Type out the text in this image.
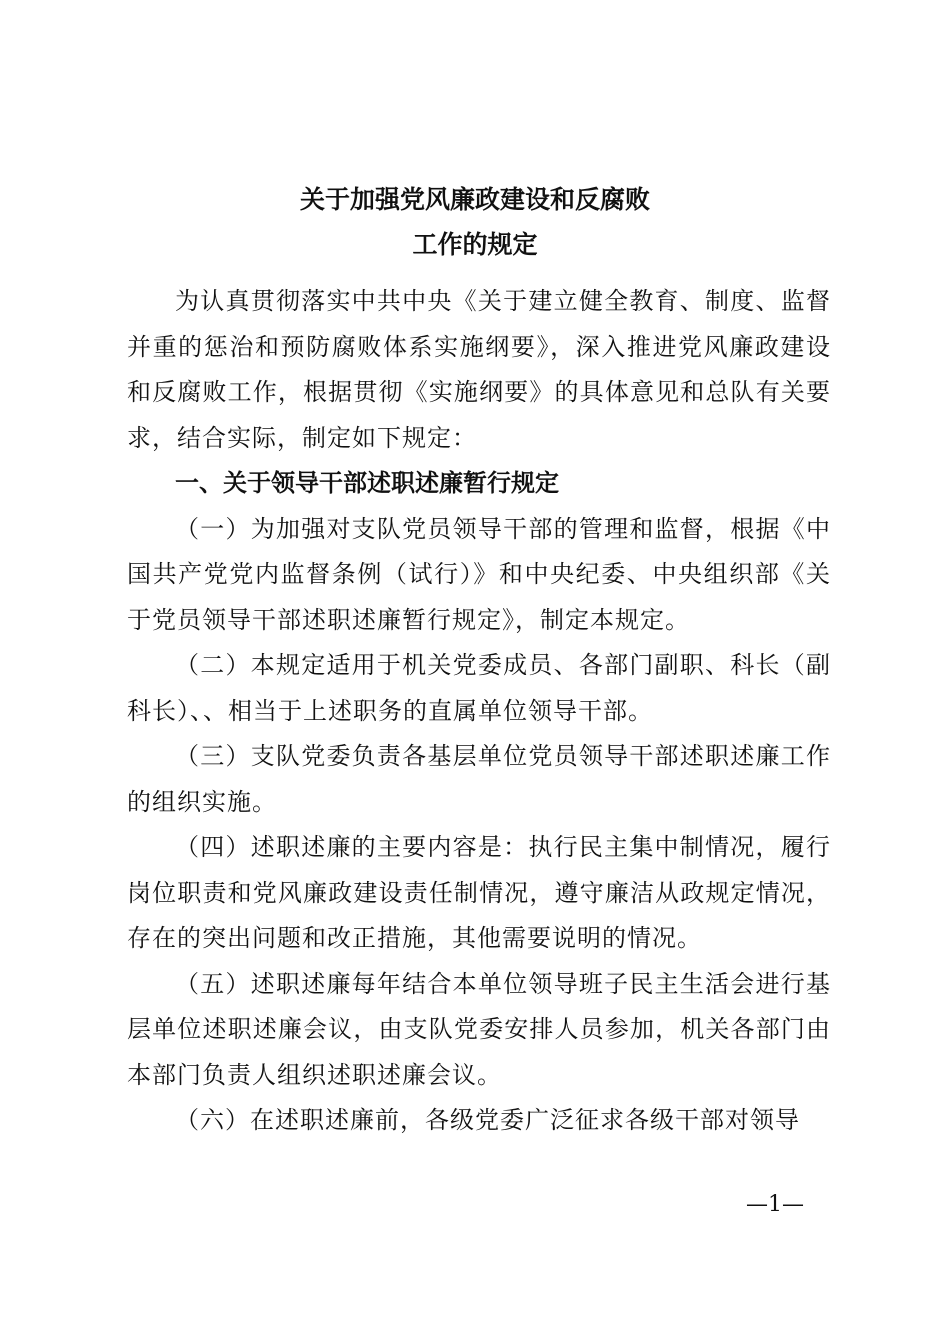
关于加强党风廉政建设和反腐败
工作的规定

为认真贯彻落实中共中央《关于建立健全教育、制度、监督并重的惩治和预防腐败体系实施纲要》，深入推进党风廉政建设和反腐败工作，根据贯彻《实施纲要》的具体意见和总队有关要求，结合实际，制定如下规定：

一、关于领导干部述职述廉暂行规定

（一）为加强对支队党员领导干部的管理和监督，根据《中国共产党党内监督条例（试行）》和中央纪委、中央组织部《关于党员领导干部述职述廉暂行规定》，制定本规定。

（二）本规定适用于机关党委成员、各部门副职、科长（副科长）、、相当于上述职务的直属单位领导干部。

（三）支队党委负责各基层单位党员领导干部述职述廉工作的组织实施。

（四）述职述廉的主要内容是：执行民主集中制情况，履行岗位职责和党风廉政建设责任制情况，遵守廉洁从政规定情况，存在的突出问题和改正措施，其他需要说明的情况。

（五）述职述廉每年结合本单位领导班子民主生活会进行基层单位述职述廉会议，由支队党委安排人员参加，机关各部门由本部门负责人组织述职述廉会议。

（六）在述职述廉前，各级党委广泛征求各级干部对领导

—1—
